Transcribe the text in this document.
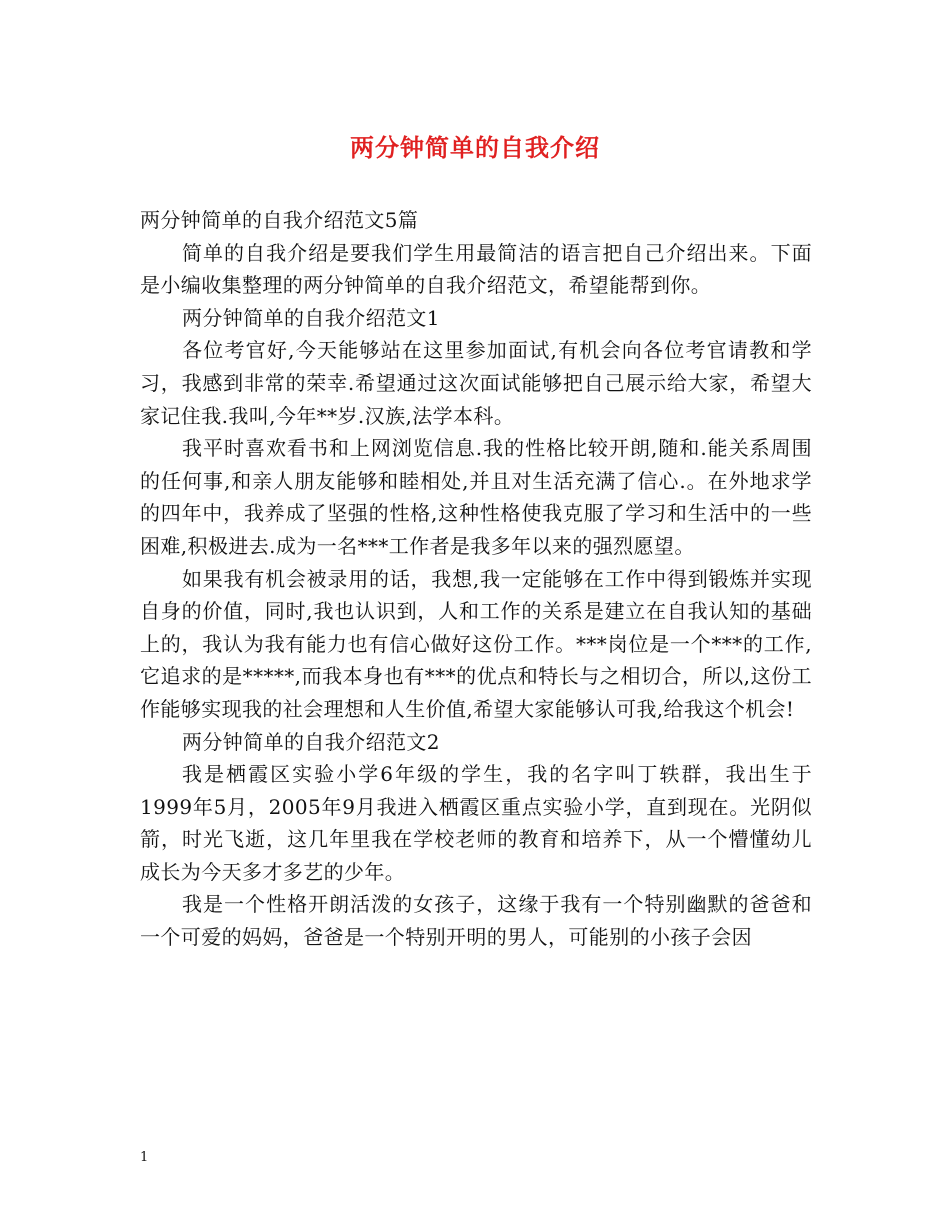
两分钟简单的自我介绍

两分钟简单的自我介绍范文5篇

简单的自我介绍是要我们学生用最简洁的语言把自己介绍出来。下面是小编收集整理的两分钟简单的自我介绍范文，希望能帮到你。

两分钟简单的自我介绍范文1

各位考官好,今天能够站在这里参加面试,有机会向各位考官请教和学习，我感到非常的荣幸.希望通过这次面试能够把自己展示给大家，希望大家记住我.我叫,今年**岁.汉族,法学本科。

我平时喜欢看书和上网浏览信息.我的性格比较开朗,随和.能关系周围的任何事,和亲人朋友能够和睦相处,并且对生活充满了信心.。在外地求学的四年中，我养成了坚强的性格,这种性格使我克服了学习和生活中的一些困难,积极进去.成为一名***工作者是我多年以来的强烈愿望。

如果我有机会被录用的话，我想,我一定能够在工作中得到锻炼并实现自身的价值，同时,我也认识到，人和工作的关系是建立在自我认知的基础上的，我认为我有能力也有信心做好这份工作。***岗位是一个***的工作,它追求的是*****,而我本身也有***的优点和特长与之相切合，所以,这份工作能够实现我的社会理想和人生价值,希望大家能够认可我,给我这个机会!

两分钟简单的自我介绍范文2

我是栖霞区实验小学6年级的学生，我的名字叫丁轶群，我出生于1999年5月，2005年9月我进入栖霞区重点实验小学，直到现在。光阴似箭，时光飞逝，这几年里我在学校老师的教育和培养下，从一个懵懂幼儿成长为今天多才多艺的少年。

我是一个性格开朗活泼的女孩子，这缘于我有一个特别幽默的爸爸和一个可爱的妈妈，爸爸是一个特别开明的男人，可能别的小孩子会因

1
